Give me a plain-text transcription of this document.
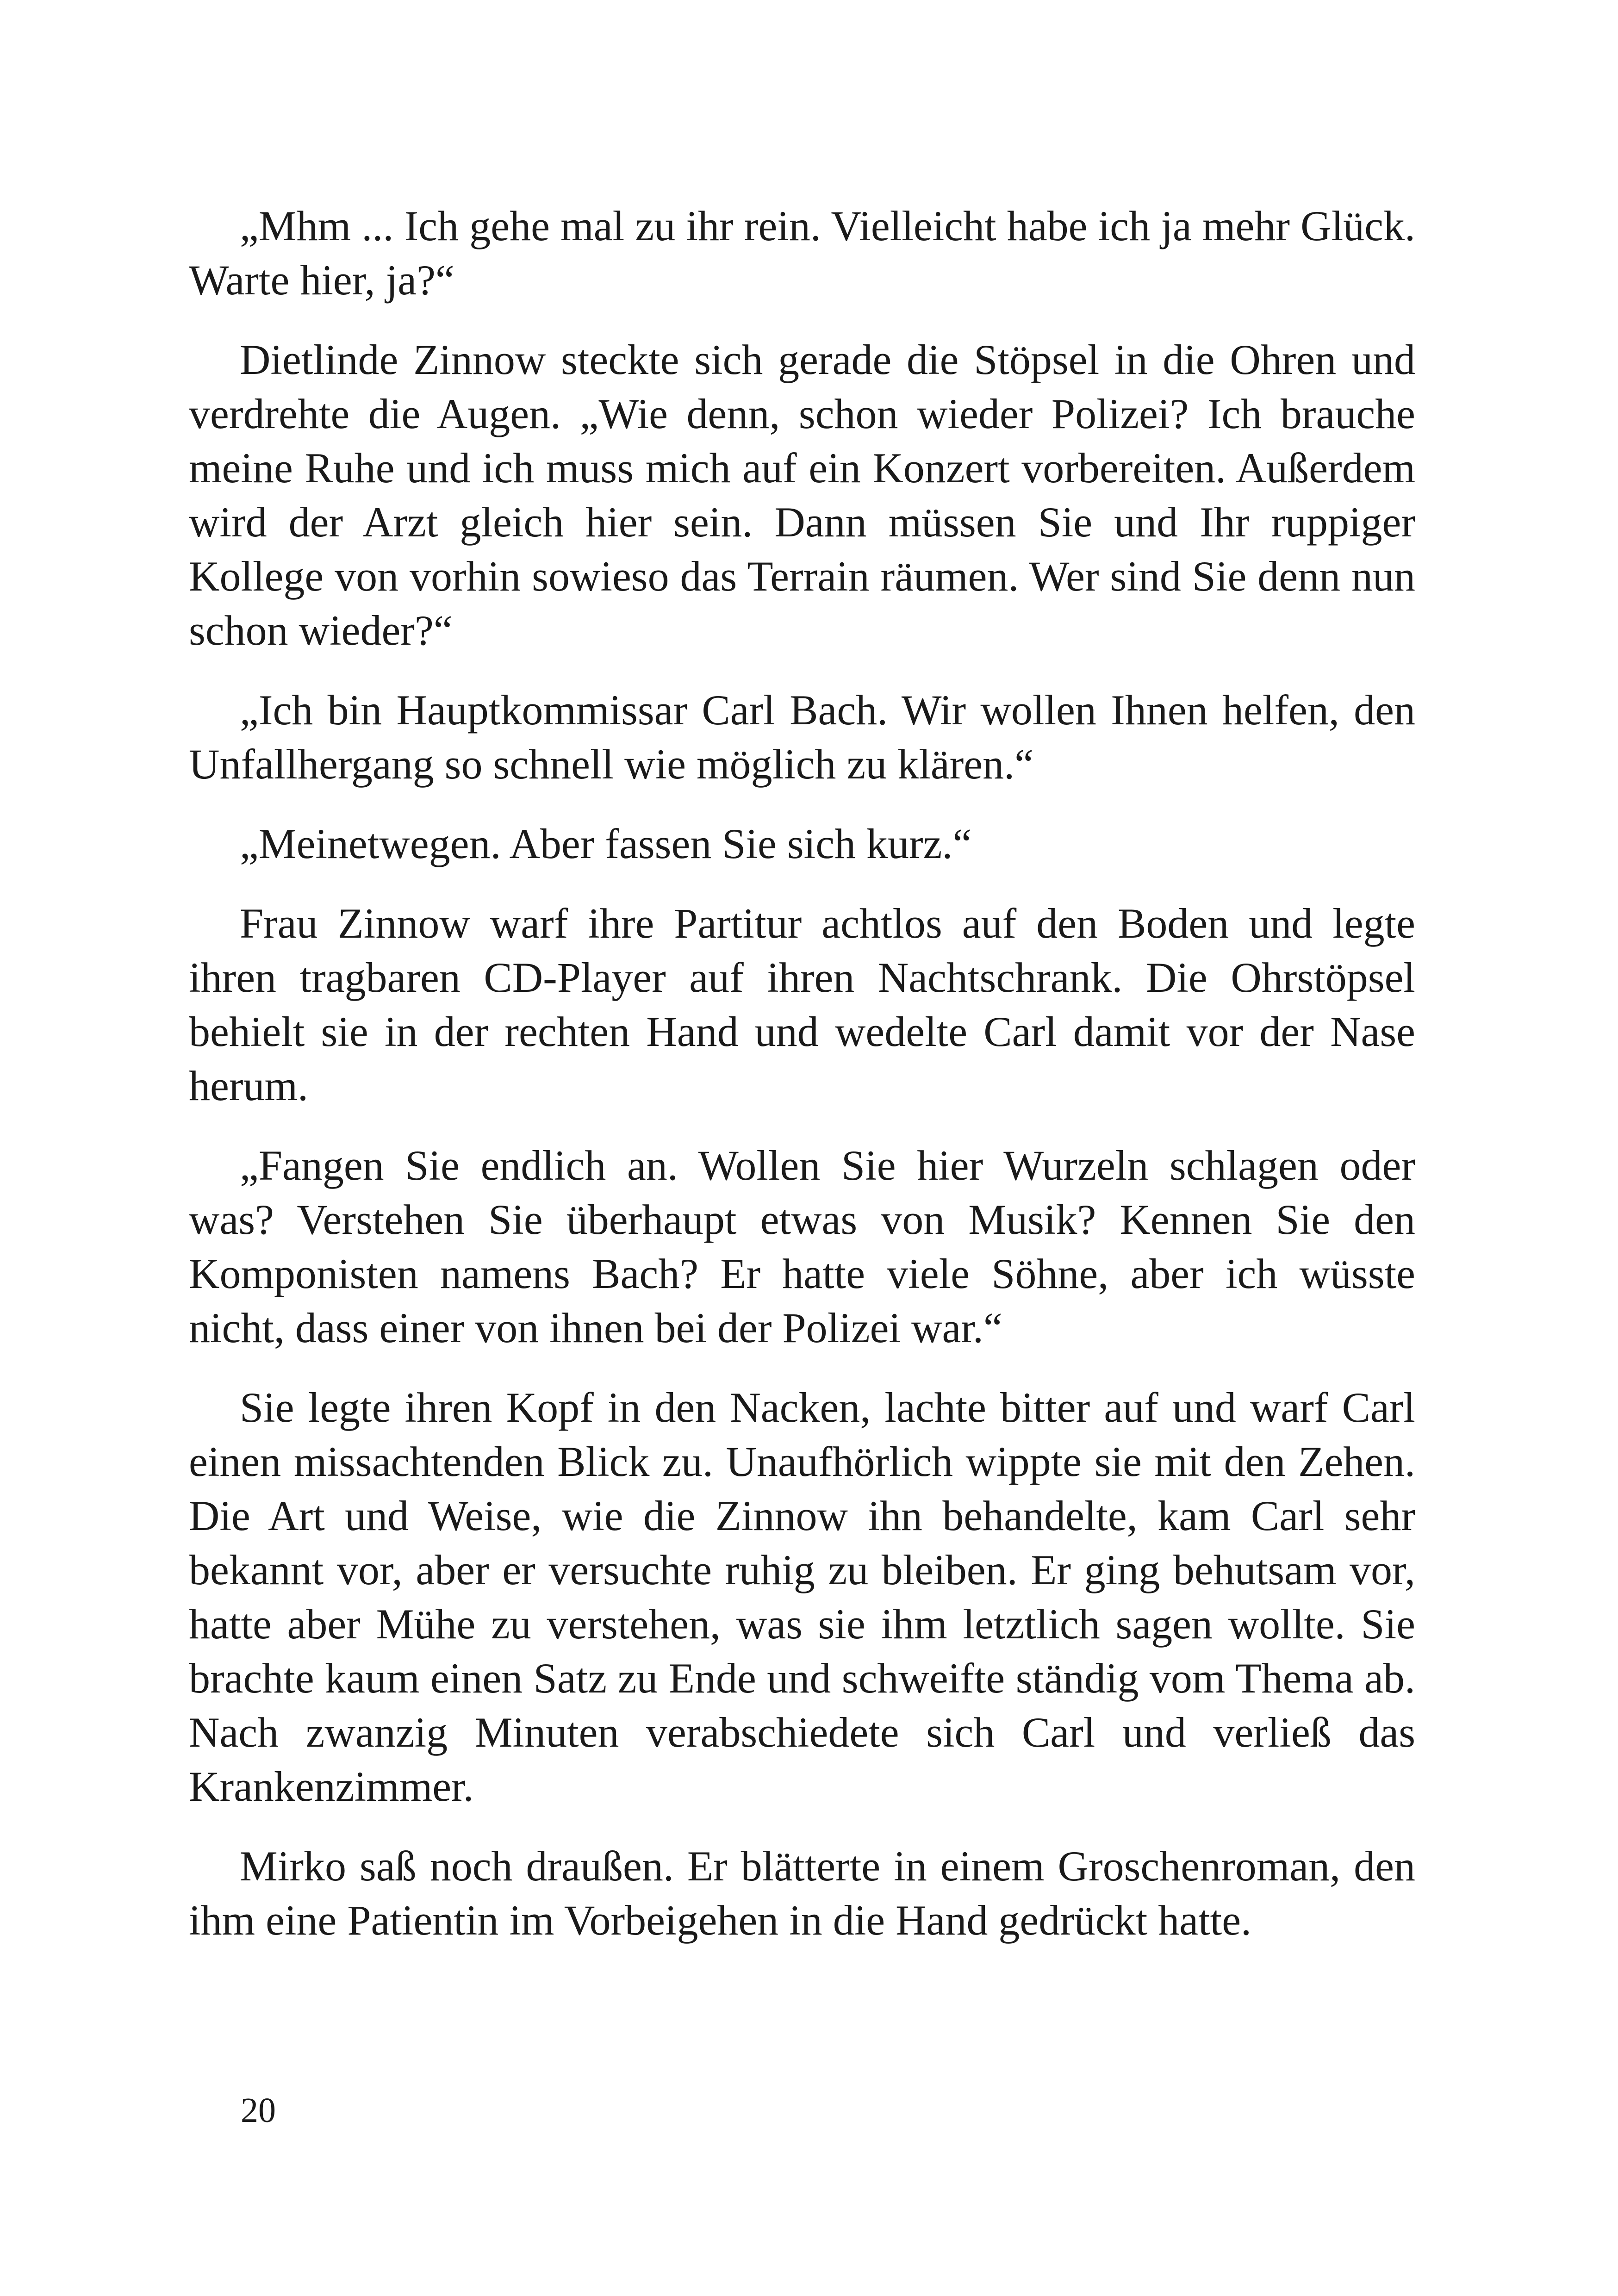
„Mhm ... Ich gehe mal zu ihr rein. Vielleicht habe ich ja mehr Glück. Warte hier, ja?“

Dietlinde Zinnow steckte sich gerade die Stöpsel in die Ohren und verdrehte die Augen. „Wie denn, schon wieder Polizei? Ich brauche meine Ruhe und ich muss mich auf ein Konzert vorbereiten. Außerdem wird der Arzt gleich hier sein. Dann müssen Sie und Ihr ruppiger Kollege von vorhin sowieso das Terrain räumen. Wer sind Sie denn nun schon wieder?“

„Ich bin Hauptkommissar Carl Bach. Wir wollen Ihnen helfen, den Unfallhergang so schnell wie möglich zu klären.“

„Meinetwegen. Aber fassen Sie sich kurz.“

Frau Zinnow warf ihre Partitur achtlos auf den Boden und legte ihren tragbaren CD-Player auf ihren Nachtschrank. Die Ohrstöpsel behielt sie in der rechten Hand und wedelte Carl damit vor der Nase herum.

„Fangen Sie endlich an. Wollen Sie hier Wurzeln schlagen oder was? Verstehen Sie überhaupt etwas von Musik? Kennen Sie den Komponisten namens Bach? Er hatte viele Söhne, aber ich wüsste nicht, dass einer von ihnen bei der Polizei war.“

Sie legte ihren Kopf in den Nacken, lachte bitter auf und warf Carl einen missachtenden Blick zu. Unaufhörlich wippte sie mit den Zehen. Die Art und Weise, wie die Zinnow ihn behandelte, kam Carl sehr bekannt vor, aber er versuchte ruhig zu bleiben. Er ging behutsam vor, hatte aber Mühe zu verstehen, was sie ihm letztlich sagen wollte. Sie brachte kaum einen Satz zu Ende und schweifte ständig vom Thema ab. Nach zwanzig Minuten verabschiedete sich Carl und verließ das Krankenzimmer.

Mirko saß noch draußen. Er blätterte in einem Groschenroman, den ihm eine Patientin im Vorbeigehen in die Hand gedrückt hatte.

20
